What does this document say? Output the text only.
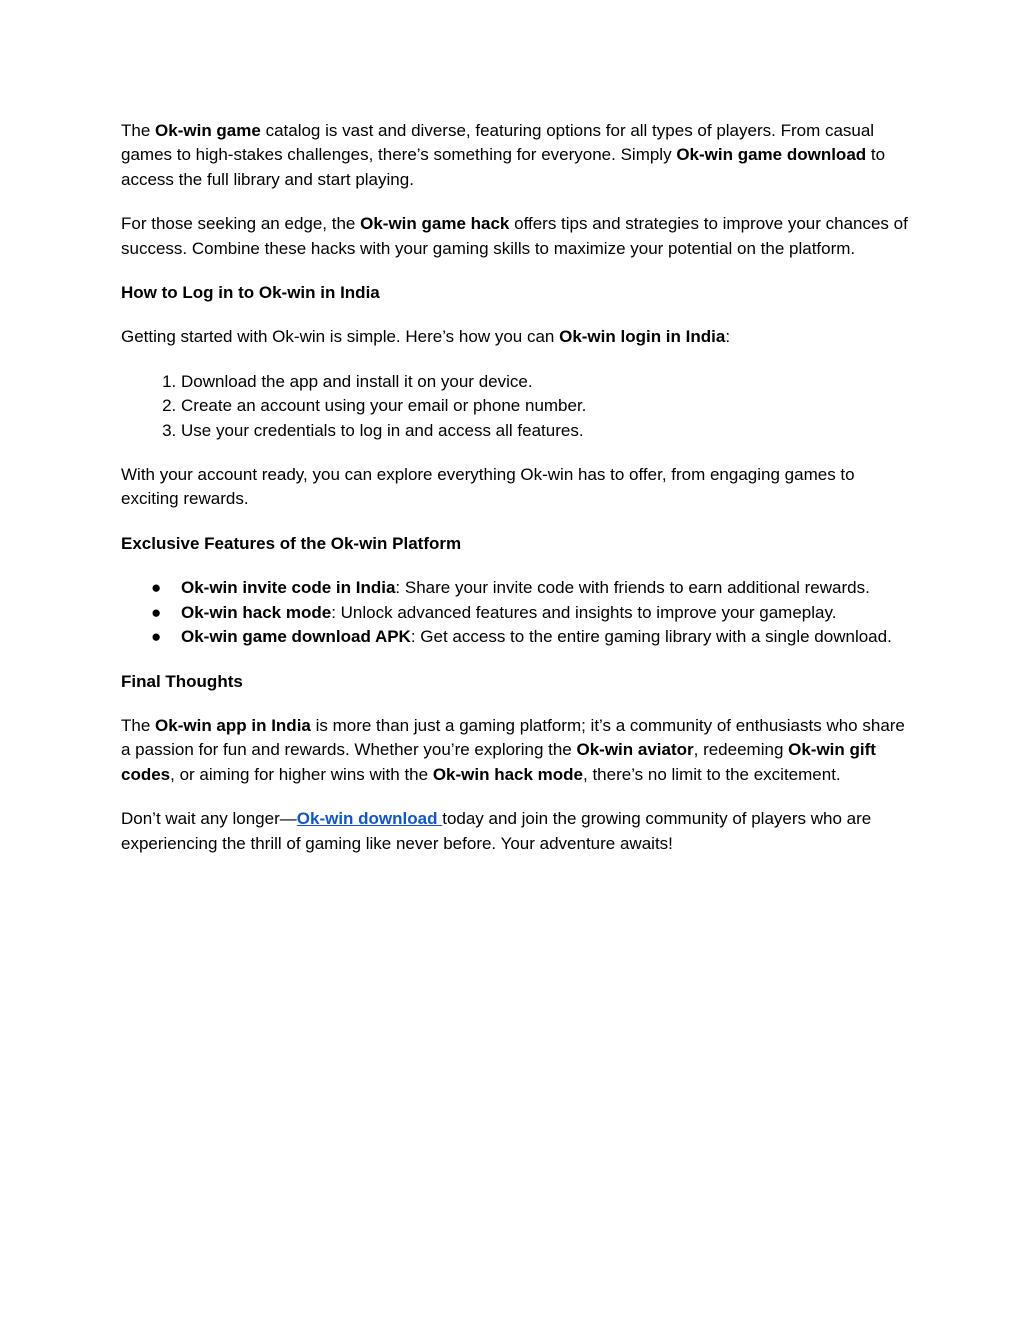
The Ok-win game catalog is vast and diverse, featuring options for all types of players. From casual games to high-stakes challenges, there’s something for everyone. Simply Ok-win game download to access the full library and start playing.

For those seeking an edge, the Ok-win game hack offers tips and strategies to improve your chances of success. Combine these hacks with your gaming skills to maximize your potential on the platform.

How to Log in to Ok-win in India

Getting started with Ok-win is simple. Here’s how you can Ok-win login in India:

1. Download the app and install it on your device.
2. Create an account using your email or phone number.
3. Use your credentials to log in and access all features.

With your account ready, you can explore everything Ok-win has to offer, from engaging games to exciting rewards.

Exclusive Features of the Ok-win Platform
● Ok-win invite code in India: Share your invite code with friends to earn additional rewards.
● Ok-win hack mode: Unlock advanced features and insights to improve your gameplay.
● Ok-win game download APK: Get access to the entire gaming library with a single download.
Final Thoughts

The Ok-win app in India is more than just a gaming platform; it’s a community of enthusiasts who share a passion for fun and rewards. Whether you’re exploring the Ok-win aviator, redeeming Ok-win gift codes, or aiming for higher wins with the Ok-win hack mode, there’s no limit to the excitement.

Don’t wait any longer—Ok-win download today and join the growing community of players who are experiencing the thrill of gaming like never before. Your adventure awaits!
